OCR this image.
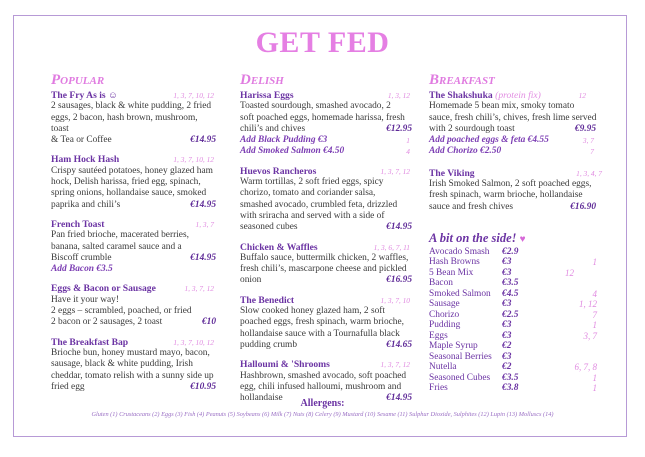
GET FED
Popular
The Fry As is ☺	1, 3, 7, 10, 12
2 sausages, black & white pudding, 2 fried
eggs, 2 bacon, hash brown, mushroom, toast
& Tea or Coffee	€14.95
Ham Hock Hash	1, 3, 7, 10, 12
Crispy sautéed potatoes, honey glazed ham
hock, Delish harissa, fried egg, spinach,
spring onions, hollandaise sauce, smoked
paprika and chili’s	€14.95
French Toast	1, 3, 7
Pan fried brioche, macerated berries,
banana, salted caramel sauce and a
Biscoff crumble	€14.95
Add Bacon €3.5
Eggs & Bacon or Sausage	1, 3, 7, 12
Have it your way!
2 eggs – scrambled, poached, or fried
2 bacon or 2 sausages, 2 toast	€10
The Breakfast Bap	1, 3, 7, 10, 12
Brioche bun, honey mustard mayo, bacon,
sausage, black & white pudding, Irish
cheddar, tomato relish with a sunny side up
fried egg	€10.95
Delish
Harissa Eggs	1, 3, 12
Toasted sourdough, smashed avocado, 2
soft poached eggs, homemade harissa, fresh
chili’s and chives	€12.95
Add Black Pudding €3	1
Add Smoked Salmon €4.50	4
Huevos Rancheros	1, 3, 7, 12
Warm tortillas, 2 soft fried eggs, spicy
chorizo, tomato and coriander salsa,
smashed avocado, crumbled feta, drizzled
with sriracha and served with a side of
seasoned cubes	€14.95
Chicken & Waffles	1, 3, 6, 7, 11
Buffalo sauce, buttermilk chicken, 2 waffles,
fresh chili’s, mascarpone cheese and pickled
onion	€16.95
The Benedict	1, 3, 7, 10
Slow cooked honey glazed ham, 2 soft
poached eggs, fresh spinach, warm brioche,
hollandaise sauce with a Tournafulla black
pudding crumb	€14.65
Halloumi & 'Shrooms	1, 3, 7, 12
Hashbrown, smashed avocado, soft poached
egg, chili infused halloumi, mushroom and
hollandaise	€14.95
Breakfast
The Shakshuka (protein fix)	12
Homemade 5 bean mix, smoky tomato
sauce, fresh chili’s, chives, fresh lime served
with 2 sourdough toast	€9.95
Add poached eggs & feta €4.55	3, 7
Add Chorizo €2.50	7
The Viking	1, 3, 4, 7
Irish Smoked Salmon, 2 soft poached eggs,
fresh spinach, warm brioche, hollandaise
sauce and fresh chives	€16.90
A bit on the side! ♥
Avocado Smash	€2.9
Hash Browns	€3	1
5 Bean Mix	€3	12
Bacon	€3.5
Smoked Salmon	€4.5	4
Sausage	€3	1, 12
Chorizo	€2.5	7
Pudding	€3	1
Eggs	€3	3, 7
Maple Syrup	€2
Seasonal Berries	€3
Nutella	€2	6, 7, 8
Seasoned Cubes	€3.5	1
Fries	€3.8	1
Allergens:
Gluten (1) Crustaceans (2) Eggs (3) Fish (4) Peanuts (5) Soybeans (6) Milk (7) Nuts (8) Celery (9) Mustard (10) Sesame (11) Sulphur Dioxide, Sulphites (12) Lupin (13) Molluscs (14)
